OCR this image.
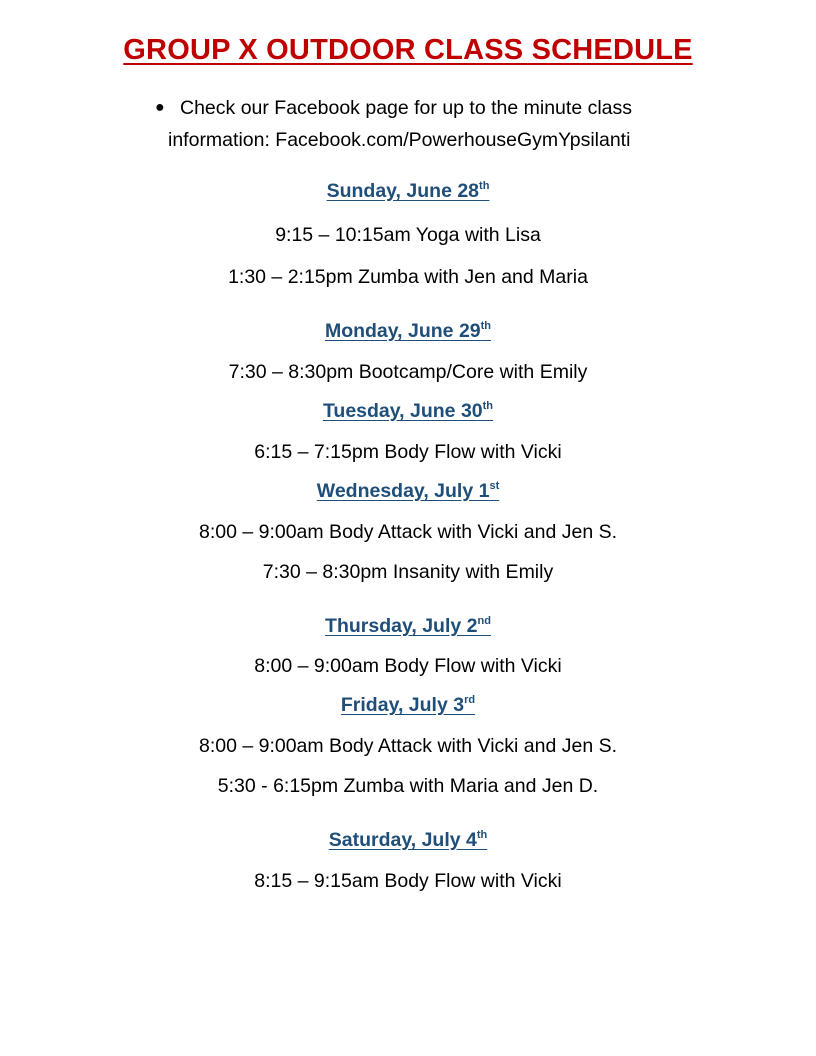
GROUP X OUTDOOR CLASS SCHEDULE
● Check our Facebook page for up to the minute class
information: Facebook.com/PowerhouseGymYpsilanti
Sunday, June 28th
9:15 – 10:15am Yoga with Lisa
1:30 – 2:15pm Zumba with Jen and Maria
Monday, June 29th
7:30 – 8:30pm Bootcamp/Core with Emily
Tuesday, June 30th
6:15 – 7:15pm Body Flow with Vicki
Wednesday, July 1st
8:00 – 9:00am Body Attack with Vicki and Jen S.
7:30 – 8:30pm Insanity with Emily
Thursday, July 2nd
8:00 – 9:00am Body Flow with Vicki
Friday, July 3rd
8:00 – 9:00am Body Attack with Vicki and Jen S.
5:30 - 6:15pm Zumba with Maria and Jen D.
Saturday, July 4th
8:15 – 9:15am Body Flow with Vicki
